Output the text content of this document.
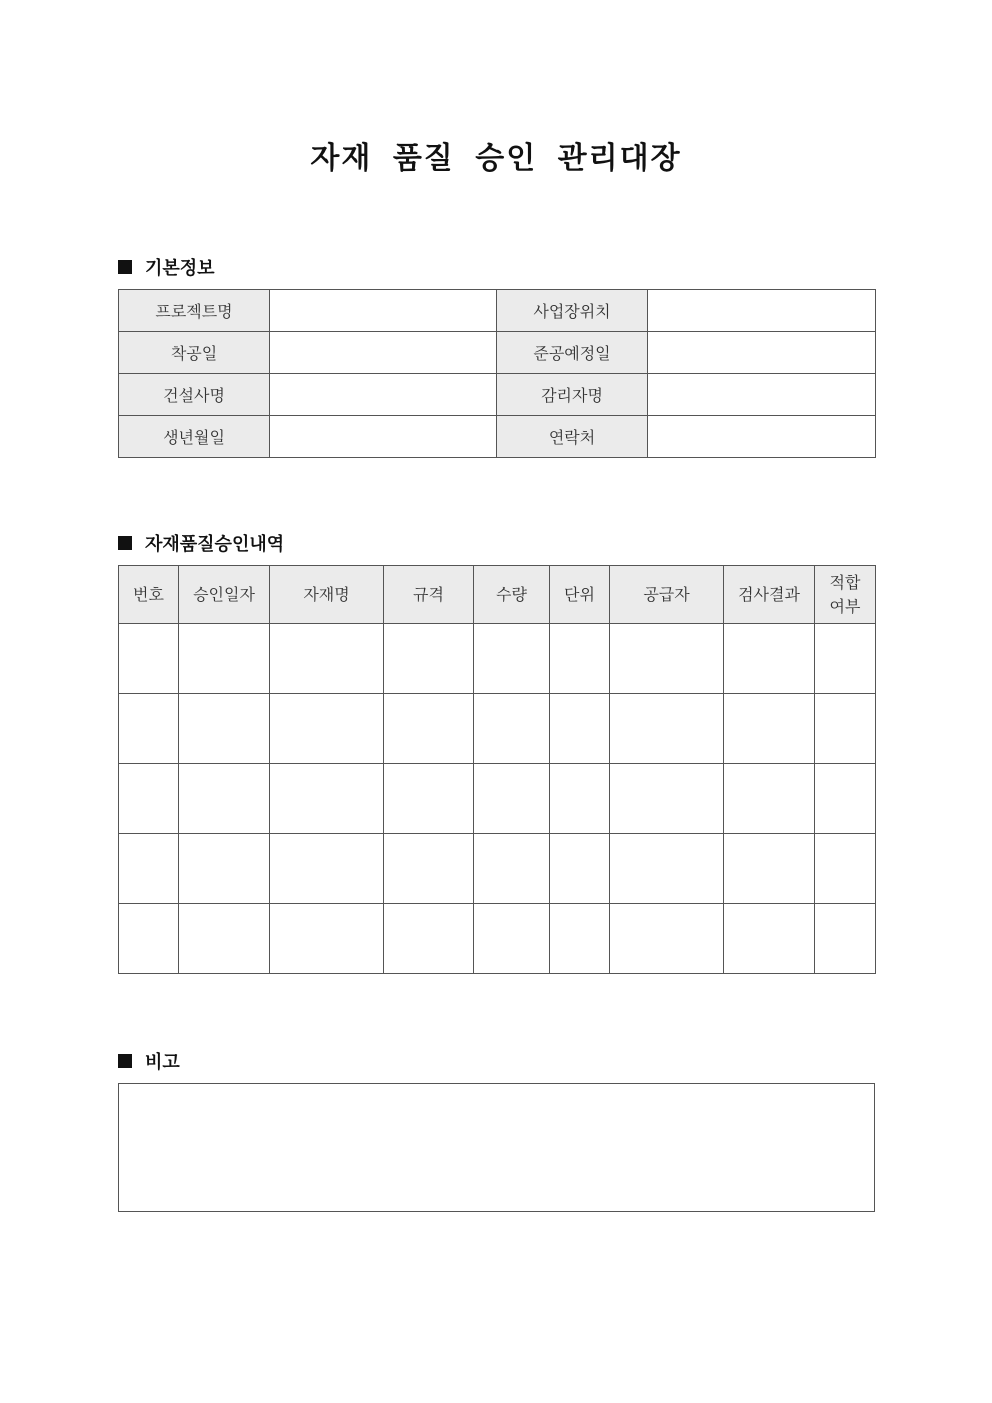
자재 품질 승인 관리대장
기본정보
프로젝트명		사업장위치	
착공일		준공예정일	
건설사명		감리자명	
생년월일		연락처	
자재품질승인내역
번호	승인일자	자재명	규격	수량	단위	공급자	검사결과	적합
여부

비고
